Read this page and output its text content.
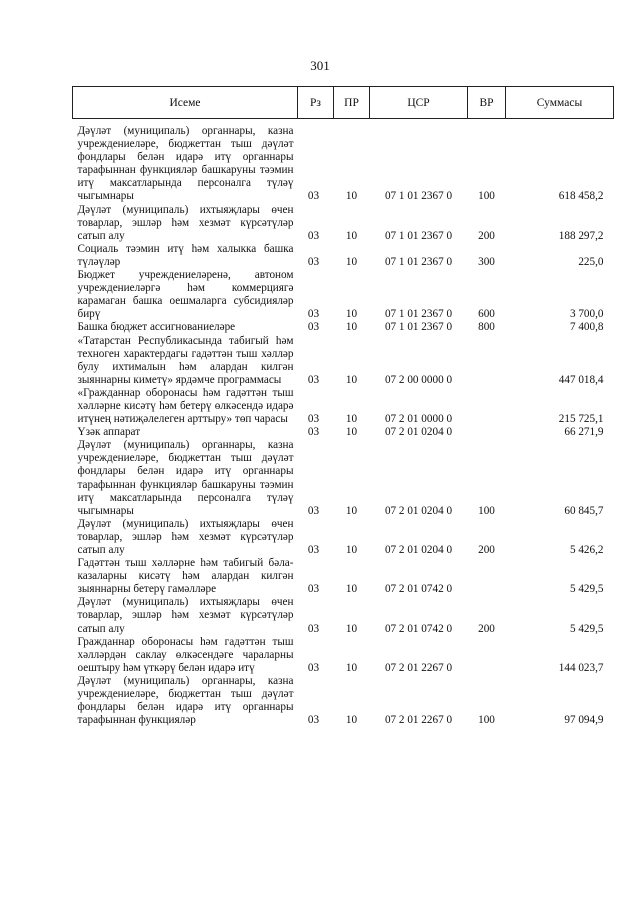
301
Исеме	Рз	ПР	ЦСР	ВР	Суммасы
Дәүләт (муниципаль) органнары, казна учреждениеләре, бюджеттан тыш дәүләт фондлары белән идарә итү органнары тарафыннан функцияләр башкаруны тәэмин итү максатларында персоналга түләү чыгымнары	03	10	07 1 01 2367 0	100	618 458,2
Дәүләт (муниципаль) ихтыяҗлары өчен товарлар, эшләр һәм хезмәт күрсәтүләр сатып алу	03	10	07 1 01 2367 0	200	188 297,2
Социаль тәэмин итү һәм халыкка башка түләүләр	03	10	07 1 01 2367 0	300	225,0
Бюджет учреждениеләренә, автоном учреждениеләргә һәм коммерциягә карамаган башка оешмаларга субсидияләр бирү	03	10	07 1 01 2367 0	600	3 700,0
Башка бюджет ассигнованиеләре	03	10	07 1 01 2367 0	800	7 400,8
«Татарстан Республикасында табигый һәм техноген характердагы гадәттән тыш хәлләр булу ихтималын һәм алардан килгән зыяннарны киметү» ярдәмче программасы	03	10	07 2 00 0000 0		447 018,4
«Гражданнар оборонасы һәм гадәттән тыш хәлләрне кисәтү һәм бетерү өлкәсендә идарә итүнең нәтиҗәлелеген арттыру» төп чарасы	03	10	07 2 01 0000 0		215 725,1
Үзәк аппарат	03	10	07 2 01 0204 0		66 271,9
Дәүләт (муниципаль) органнары, казна учреждениеләре, бюджеттан тыш дәүләт фондлары белән идарә итү органнары тарафыннан функцияләр башкаруны тәэмин итү максатларында персоналга түләү чыгымнары	03	10	07 2 01 0204 0	100	60 845,7
Дәүләт (муниципаль) ихтыяҗлары өчен товарлар, эшләр һәм хезмәт күрсәтүләр сатып алу	03	10	07 2 01 0204 0	200	5 426,2
Гадәттән тыш хәлләрне һәм табигый бәла-казаларны кисәтү һәм алардан килгән зыяннарны бетерү гамәлләре	03	10	07 2 01 0742 0		5 429,5
Дәүләт (муниципаль) ихтыяҗлары өчен товарлар, эшләр һәм хезмәт күрсәтүләр сатып алу	03	10	07 2 01 0742 0	200	5 429,5
Гражданнар оборонасы һәм гадәттән тыш хәлләрдән саклау өлкәсендәге чараларны оештыру һәм үткәрү белән идарә итү	03	10	07 2 01 2267 0		144 023,7
Дәүләт (муниципаль) органнары, казна учреждениеләре, бюджеттан тыш дәүләт фондлары белән идарә итү органнары тарафыннан функцияләр	03	10	07 2 01 2267 0	100	97 094,9
